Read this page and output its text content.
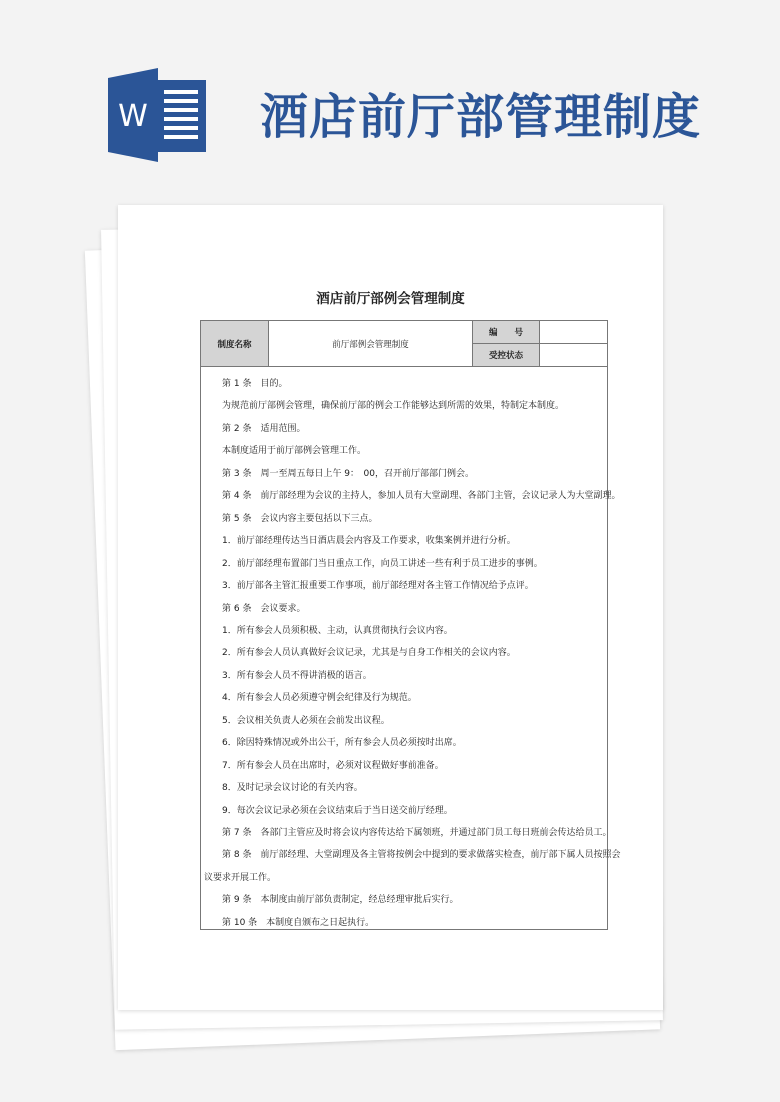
W 酒店前厅部管理制度
酒店前厅部例会管理制度
制度名称	前厅部例会管理制度	编　　号	
		受控状态	
第 1 条　目的。
为规范前厅部例会管理，确保前厅部的例会工作能够达到所需的效果，特制定本制度。
第 2 条　适用范围。
本制度适用于前厅部例会管理工作。
第 3 条　周一至周五每日上午 9：　00，召开前厅部部门例会。
第 4 条　前厅部经理为会议的主持人，参加人员有大堂副理、各部门主管，会议记录人为大堂副理。
第 5 条　会议内容主要包括以下三点。
1．前厅部经理传达当日酒店晨会内容及工作要求，收集案例并进行分析。
2．前厅部经理布置部门当日重点工作，向员工讲述一些有利于员工进步的事例。
3．前厅部各主管汇报重要工作事项，前厅部经理对各主管工作情况给予点评。
第 6 条　会议要求。
1．所有参会人员须积极、主动，认真贯彻执行会议内容。
2．所有参会人员认真做好会议记录，尤其是与自身工作相关的会议内容。
3．所有参会人员不得讲消极的语言。
4．所有参会人员必须遵守例会纪律及行为规范。
5．会议相关负责人必须在会前发出议程。
6．除因特殊情况或外出公干，所有参会人员必须按时出席。
7．所有参会人员在出席时，必须对议程做好事前准备。
8．及时记录会议讨论的有关内容。
9．每次会议记录必须在会议结束后于当日送交前厅经理。
第 7 条　各部门主管应及时将会议内容传达给下属领班，并通过部门员工每日班前会传达给员工。
第 8 条　前厅部经理、大堂副理及各主管将按例会中提到的要求做落实检查，前厅部下属人员按照会
议要求开展工作。
第 9 条　本制度由前厅部负责制定，经总经理审批后实行。
第 10 条　本制度自颁布之日起执行。
